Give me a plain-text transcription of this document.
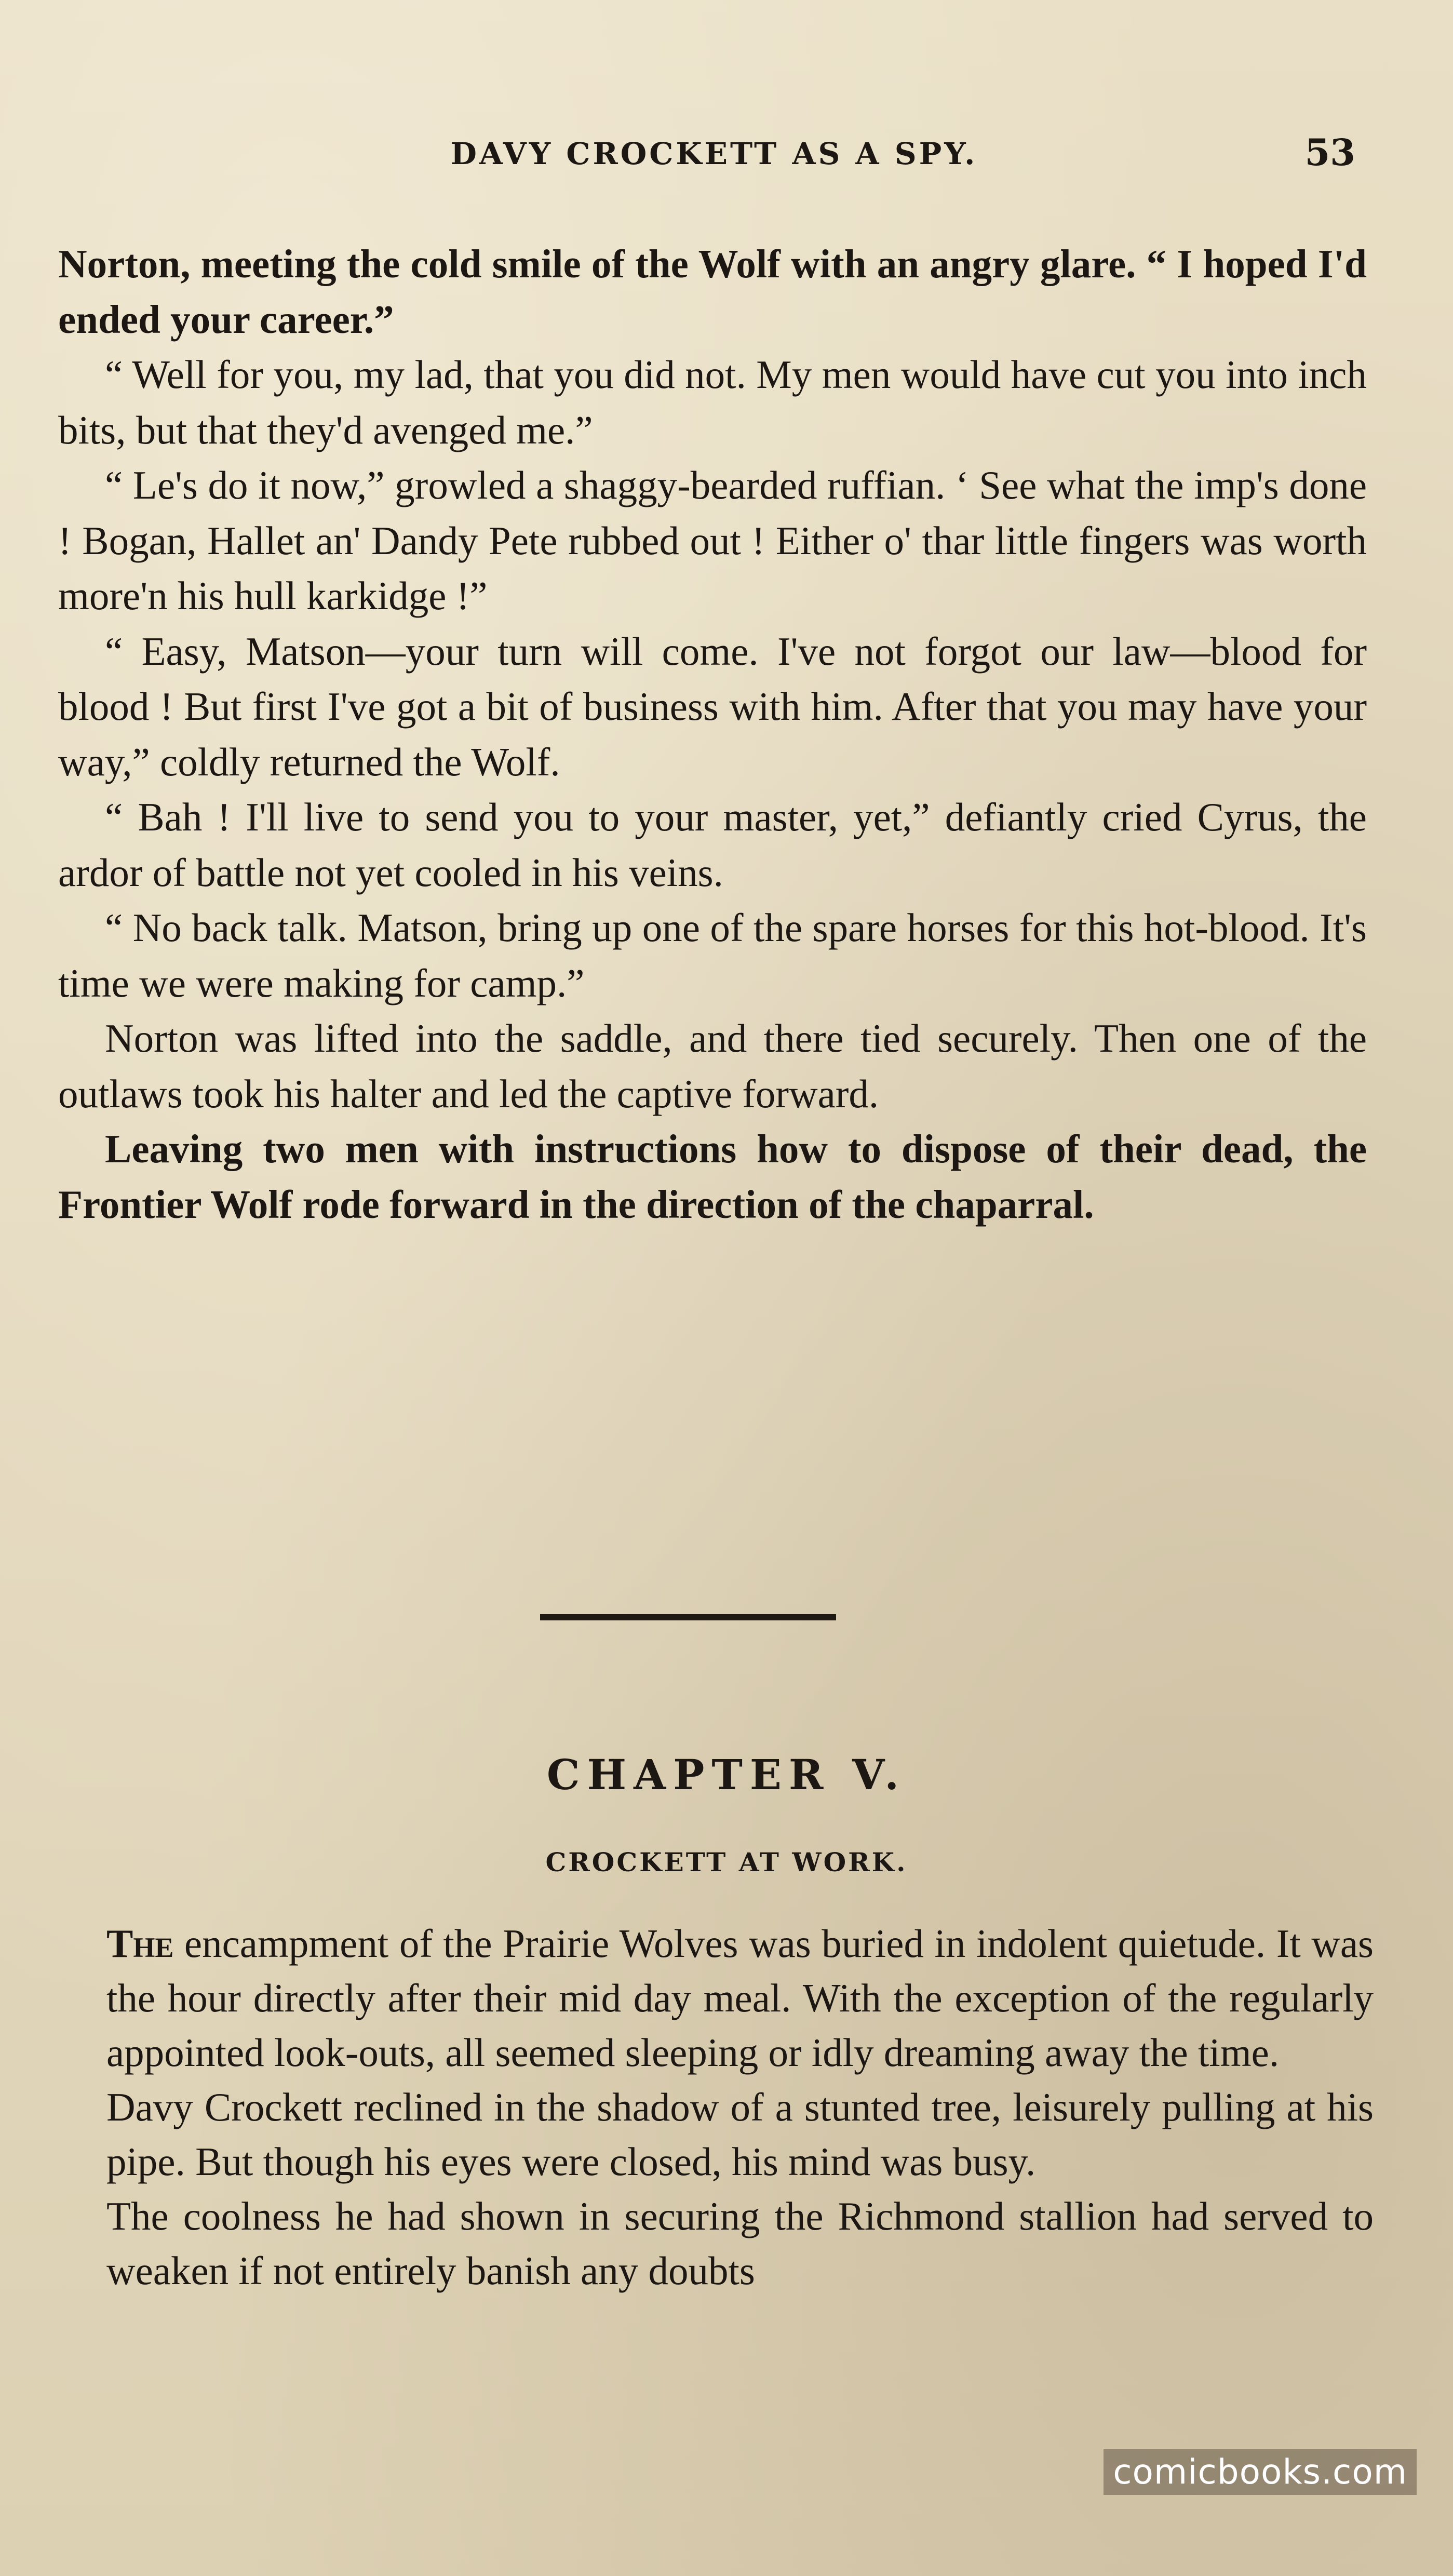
DAVY CROCKETT AS A SPY.	53

Norton, meeting the cold smile of the Wolf with an angry glare. “ I hoped I'd ended your career.”

“ Well for you, my lad, that you did not. My men would have cut you into inch bits, but that they'd avenged me.”

“ Le's do it now,” growled a shaggy-bearded ruffian. ‘ See what the imp's done ! Bogan, Hallet an' Dandy Pete rubbed out ! Either o' thar little fingers was worth more'n his hull karkidge !”

“ Easy, Matson—your turn will come. I've not forgot our law—blood for blood ! But first I've got a bit of business with him. After that you may have your way,” coldly returned the Wolf.

“ Bah ! I'll live to send you to your master, yet,” defiantly cried Cyrus, the ardor of battle not yet cooled in his veins.

“ No back talk. Matson, bring up one of the spare horses for this hot-blood. It's time we were making for camp.”

Norton was lifted into the saddle, and there tied securely. Then one of the outlaws took his halter and led the captive forward.

Leaving two men with instructions how to dispose of their dead, the Frontier Wolf rode forward in the direction of the chaparral.

CHAPTER V.
CROCKETT AT WORK.

The encampment of the Prairie Wolves was buried in indolent quietude. It was the hour directly after their mid day meal. With the exception of the regularly appointed look-outs, all seemed sleeping or idly dreaming away the time.

Davy Crockett reclined in the shadow of a stunted tree, leisurely pulling at his pipe. But though his eyes were closed, his mind was busy.

The coolness he had shown in securing the Richmond stallion had served to weaken if not entirely banish any doubts

comicbooks.com
